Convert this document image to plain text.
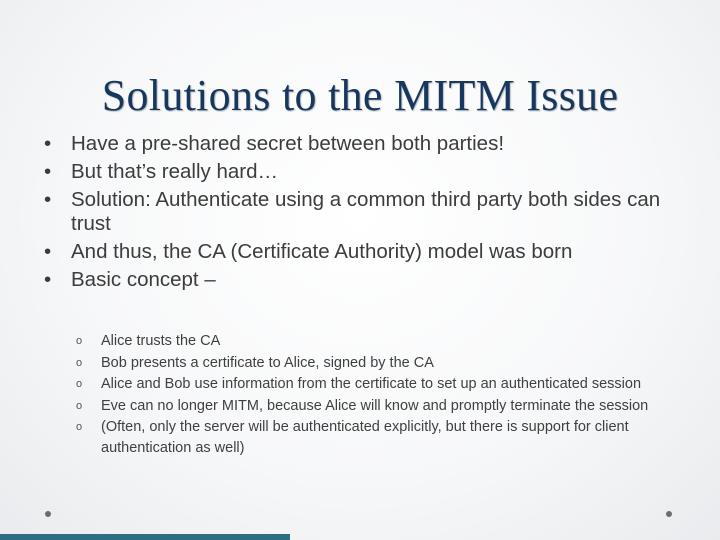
Solutions to the MITM Issue
• Have a pre-shared secret between both parties!
• But that’s really hard…
• Solution: Authenticate using a common third party both sides can trust
• And thus, the CA (Certificate Authority) model was born
• Basic concept –
o Alice trusts the CA
o Bob presents a certificate to Alice, signed by the CA
o Alice and Bob use information from the certificate to set up an authenticated session
o Eve can no longer MITM, because Alice will know and promptly terminate the session
o (Often, only the server will be authenticated explicitly, but there is support for client authentication as well)
